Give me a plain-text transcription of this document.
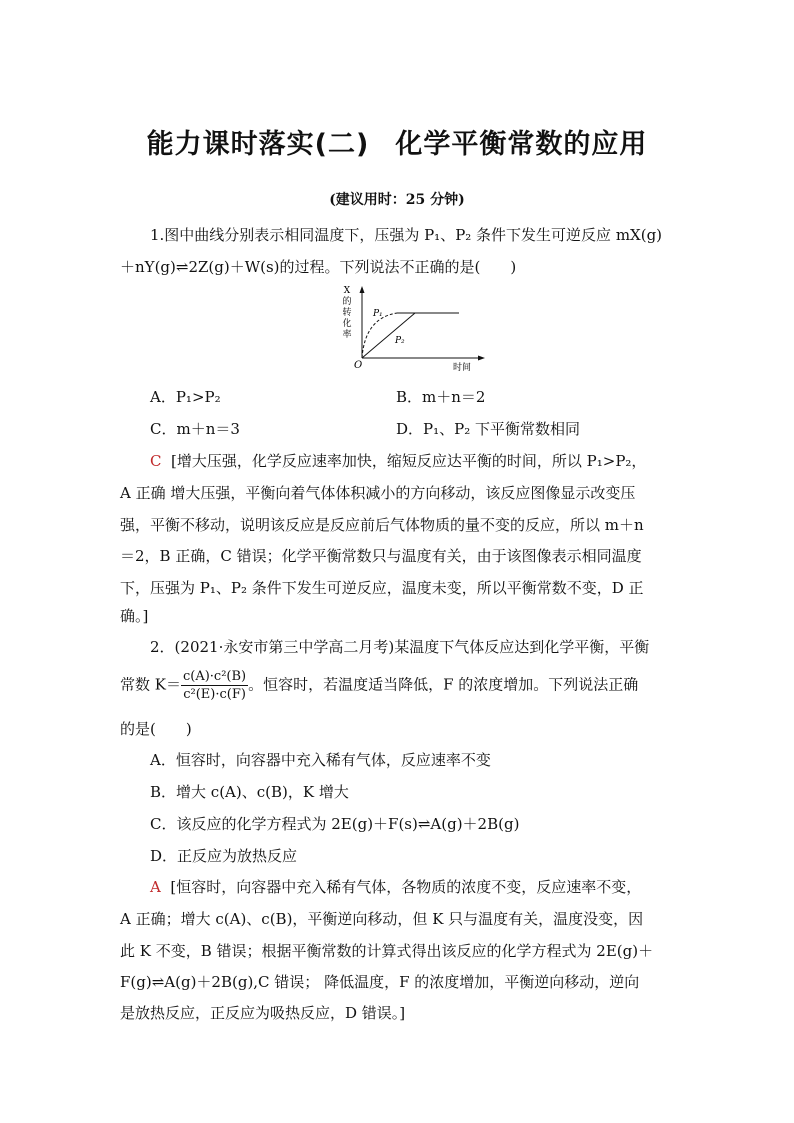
能力课时落实(二) 化学平衡常数的应用
(建议用时：25 分钟)
1.图中曲线分别表示相同温度下，压强为 P₁、P₂ 条件下发生可逆反应 mX(g)
＋nY(g)⇌2Z(g)＋W(s)的过程。下列说法不正确的是(　　)
X
的
转
化
率
O	时间
P₁
P₂
A．P₁>P₂	B．m＋n＝2
C．m＋n＝3	D．P₁、P₂ 下平衡常数相同
C [增大压强，化学反应速率加快，缩短反应达平衡的时间，所以 P₁>P₂，
A 正确 增大压强，平衡向着气体体积减小的方向移动，该反应图像显示改变压
强，平衡不移动，说明该反应是反应前后气体物质的量不变的反应，所以 m＋n
＝2，B 正确，C 错误；化学平衡常数只与温度有关，由于该图像表示相同温度
下，压强为 P₁、P₂ 条件下发生可逆反应，温度未变，所以平衡常数不变，D 正
确。]
2．(2021·永安市第三中学高二月考)某温度下气体反应达到化学平衡，平衡
常数 $K= \frac{\text{c(A)·c²(B)}}{\text{c²(E)·c(F)}}$ 。恒容时，若温度适当降低，F 的浓度增加。下列说法正确
的是(　　)
A．恒容时，向容器中充入稀有气体，反应速率不变
B．增大 c(A)、c(B)，K 增大
C．该反应的化学方程式为 2E(g)＋F(s)⇌A(g)＋2B(g)
D．正反应为放热反应
A [恒容时，向容器中充入稀有气体，各物质的浓度不变，反应速率不变，
A 正确；增大 c(A)、c(B)，平衡逆向移动，但 K 只与温度有关，温度没变，因
此 K 不变，B 错误；根据平衡常数的计算式得出该反应的化学方程式为 2E(g)＋
F(g)⇌A(g)＋2B(g),C 错误； 降低温度，F 的浓度增加，平衡逆向移动，逆向
是放热反应，正反应为吸热反应，D 错误。]
